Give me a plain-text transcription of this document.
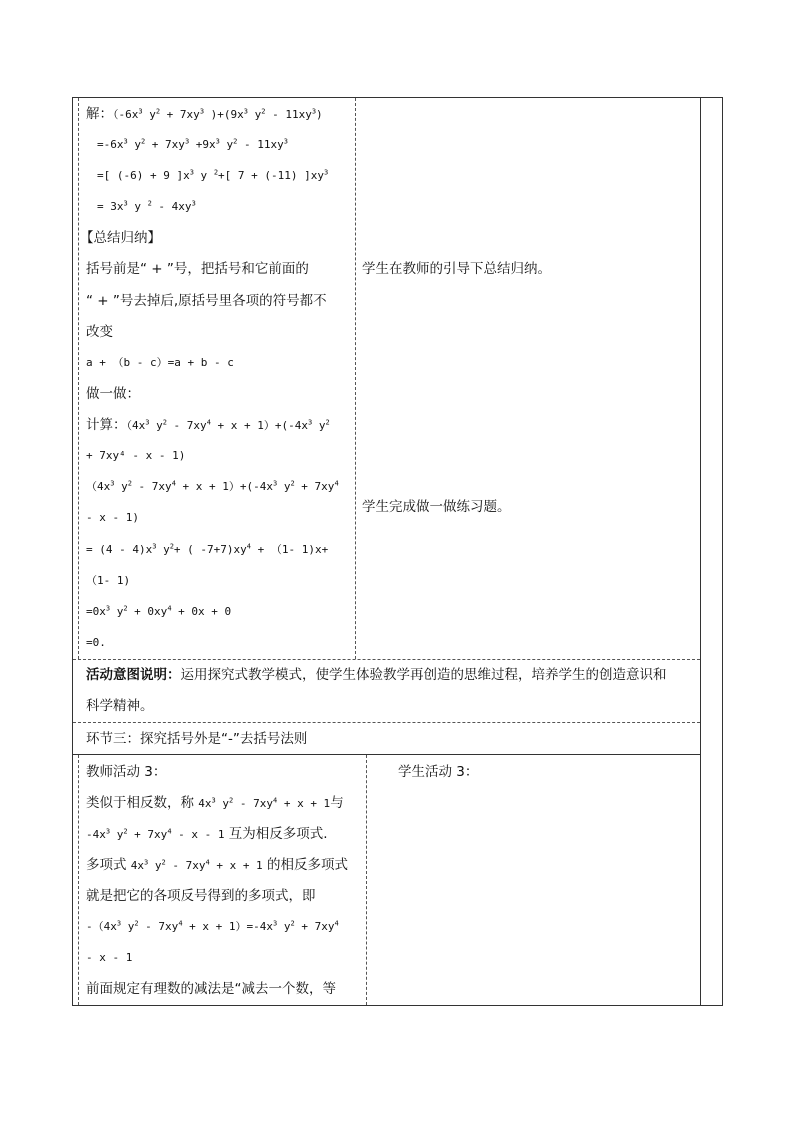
解：（$-6x^3$ $y^2 + 7xy^3$ )$+(9x^3$ $y^2 - 11xy^3$)
$=-6x^3$ $y^2 + 7xy^3 +9x^3$ $y^2 - 11xy^3$
=[ (-6) + 9 ]$x^3$ y $^2$+[ 7 + (-11) ]$xy^3$
= $3x^3$ y $^2 - 4xy^3$
【总结归纳】
括号前是“ + ”号，把括号和它前面的	学生在教师的引导下总结归纳。
“ + ”号去掉后,原括号里各项的符号都不
改变
a + （b - c）=a + b - c
做一做：
计算：（$4x^3$ $y^2 - 7xy^4 + x + 1)+(-4x^3$ $y^2$
+ 7xy⁴ - x - 1)
（$4x^3$ $y^2 - 7xy^4 + x + 1)+(-4x^3$ $y^2 + 7xy^4$
学生完成做一做练习题。
- x - 1)
= $(4 - 4)x^3$ $y^2+$ ( $-7+7)xy^4 + (1-$ 1)x+
（1- 1)
$=0x^3$ $y^2 + 0xy^4 + 0x + 0$
=0.
活动意图说明：运用探究式教学模式，使学生体验教学再创造的思维过程，培养学生的创造意识和
科学精神。
环节三：探究括号外是“-”去括号法则
教师活动 3：	学生活动 3：
类似于相反数，称 $4x^3$ $y^2 - 7xy^4 + x + 1$与
$-4x^3$ $y^2 + 7xy^4 - x - 1$ 互为相反多项式.
多项式 $4x^3$ $y^2 - 7xy^4 + x + 1$ 的相反多项式
就是把它的各项反号得到的多项式，即
$-(4x^3$ $y^2 - 7xy^4 + x + 1)=-4x^3$ $y^2 + 7xy^4$
- x - 1
前面规定有理数的减法是“减去一个数，等
